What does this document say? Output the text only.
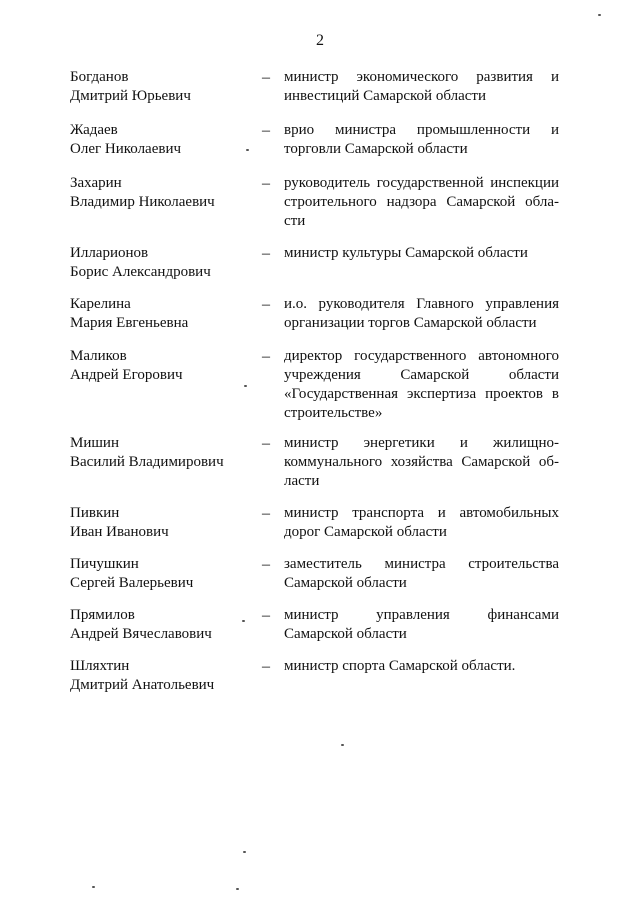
2
Богданов
Дмитрий Юрьевич
– министр экономического развития и инвестиций Самарской области
Жадаев
Олег Николаевич
– врио министра промышленности и торговли Самарской области
Захарин
Владимир Николаевич
– руководитель государственной инспекции строительного надзора Самарской обла-сти
Илларионов
Борис Александрович
– министр культуры Самарской области
Карелина
Мария Евгеньевна
– и.о. руководителя Главного управления организации торгов Самарской области
Маликов
Андрей Егорович
– директор государственного автономного учреждения Самарской области «Государственная экспертиза проектов в строительстве»
Мишин
Василий Владимирович
– министр энергетики и жилищно-коммунального хозяйства Самарской об-ласти
Пивкин
Иван Иванович
– министр транспорта и автомобильных дорог Самарской области
Пичушкин
Сергей Валерьевич
– заместитель министра строительства Самарской области
Прямилов
Андрей Вячеславович
– министр управления финансами Самарской области
Шляхтин
Дмитрий Анатольевич
– министр спорта Самарской области.
